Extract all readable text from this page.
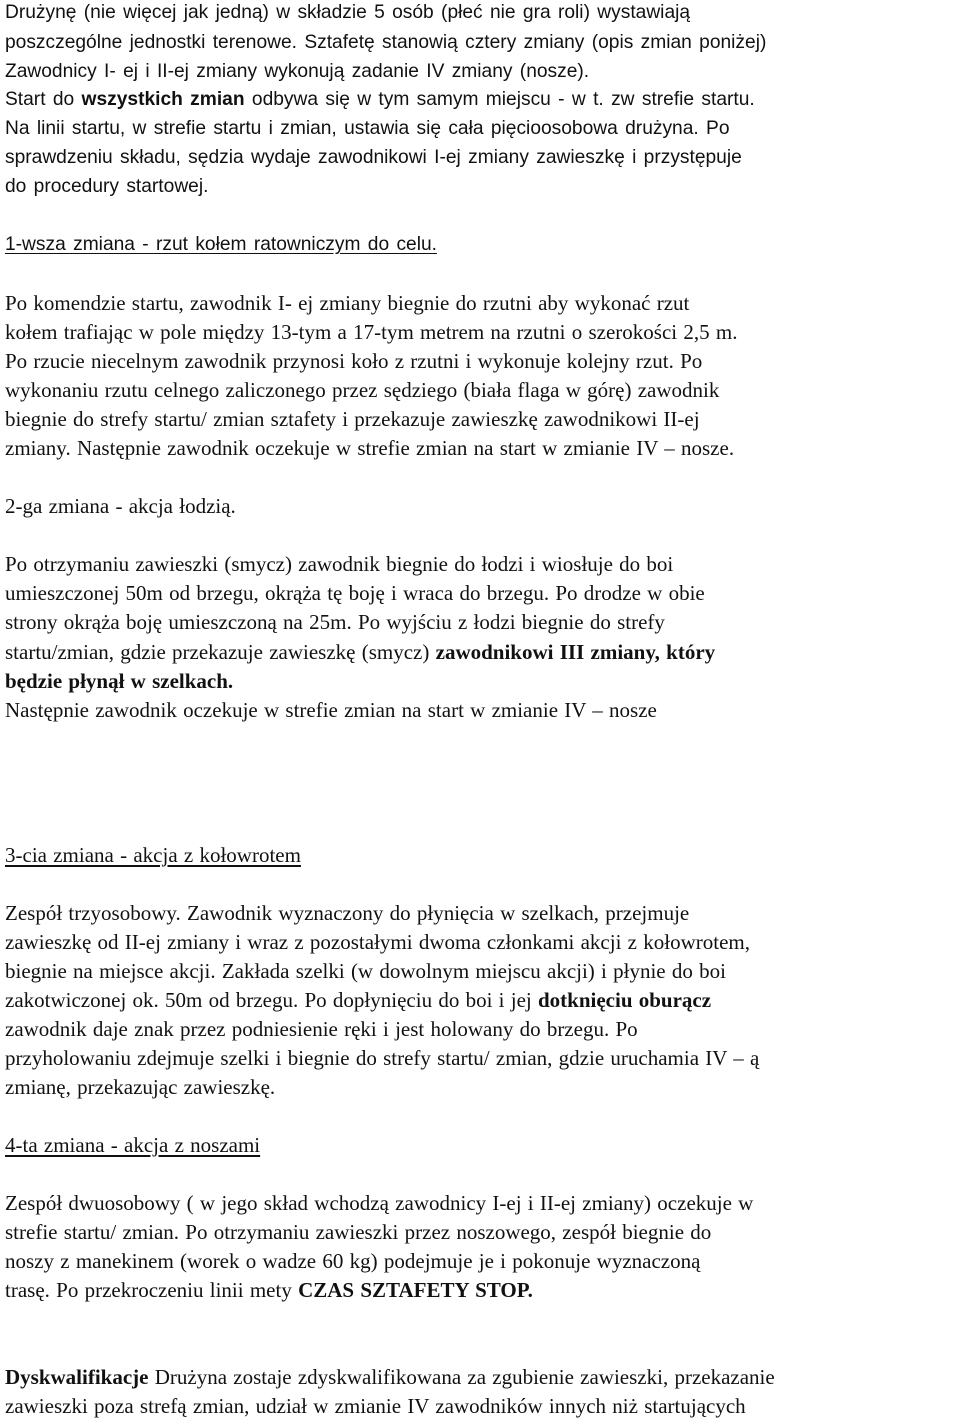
Drużynę (nie więcej jak jedną) w składzie 5 osób (płeć nie gra roli) wystawiają
poszczególne jednostki terenowe. Sztafetę stanowią cztery zmiany (opis zmian poniżej)
Zawodnicy I- ej i II-ej zmiany wykonują zadanie IV zmiany (nosze).
Start do wszystkich zmian odbywa się w tym samym miejscu - w t. zw strefie startu.
Na linii startu, w strefie startu i zmian, ustawia się cała pięcioosobowa drużyna. Po
sprawdzeniu składu, sędzia wydaje zawodnikowi I-ej zmiany zawieszkę i przystępuje
do procedury startowej.
1-wsza zmiana - rzut kołem ratowniczym do celu.
Po komendzie startu, zawodnik I- ej zmiany biegnie do rzutni aby wykonać rzut
kołem trafiając w pole między 13-tym a 17-tym metrem na rzutni o szerokości 2,5 m.
Po rzucie niecelnym zawodnik przynosi koło z rzutni i wykonuje kolejny rzut. Po
wykonaniu rzutu celnego zaliczonego przez sędziego (biała flaga w górę) zawodnik
biegnie do strefy startu/ zmian sztafety i przekazuje zawieszkę zawodnikowi II-ej
zmiany. Następnie zawodnik oczekuje w strefie zmian na start w zmianie IV – nosze.
2-ga zmiana - akcja łodzią.
Po otrzymaniu zawieszki (smycz) zawodnik biegnie do łodzi i wiosłuje do boi
umieszczonej 50m od brzegu, okrąża tę boję i wraca do brzegu. Po drodze w obie
strony okrąża boję umieszczoną na 25m. Po wyjściu z łodzi biegnie do strefy
startu/zmian, gdzie przekazuje zawieszkę (smycz) zawodnikowi III zmiany, który
będzie płynął w szelkach.
Następnie zawodnik oczekuje w strefie zmian na start w zmianie IV – nosze
3-cia zmiana - akcja z kołowrotem
Zespół trzyosobowy. Zawodnik wyznaczony do płynięcia w szelkach, przejmuje
zawieszkę od II-ej zmiany i wraz z pozostałymi dwoma członkami akcji z kołowrotem,
biegnie na miejsce akcji. Zakłada szelki (w dowolnym miejscu akcji) i płynie do boi
zakotwiczonej ok. 50m od brzegu. Po dopłynięciu do boi i jej dotknięciu oburącz
zawodnik daje znak przez podniesienie ręki i jest holowany do brzegu. Po
przyholowaniu zdejmuje szelki i biegnie do strefy startu/ zmian, gdzie uruchamia IV – ą
zmianę, przekazując zawieszkę.
4-ta zmiana - akcja z noszami
Zespół dwuosobowy ( w jego skład wchodzą zawodnicy I-ej i II-ej zmiany) oczekuje w
strefie startu/ zmian. Po otrzymaniu zawieszki przez noszowego, zespół biegnie do
noszy z manekinem (worek o wadze 60 kg) podejmuje je i pokonuje wyznaczoną
trasę. Po przekroczeniu linii mety CZAS SZTAFETY STOP.
Dyskwalifikacje Drużyna zostaje zdyskwalifikowana za zgubienie zawieszki, przekazanie
zawieszki poza strefą zmian, udział w zmianie IV zawodników innych niż startujących
